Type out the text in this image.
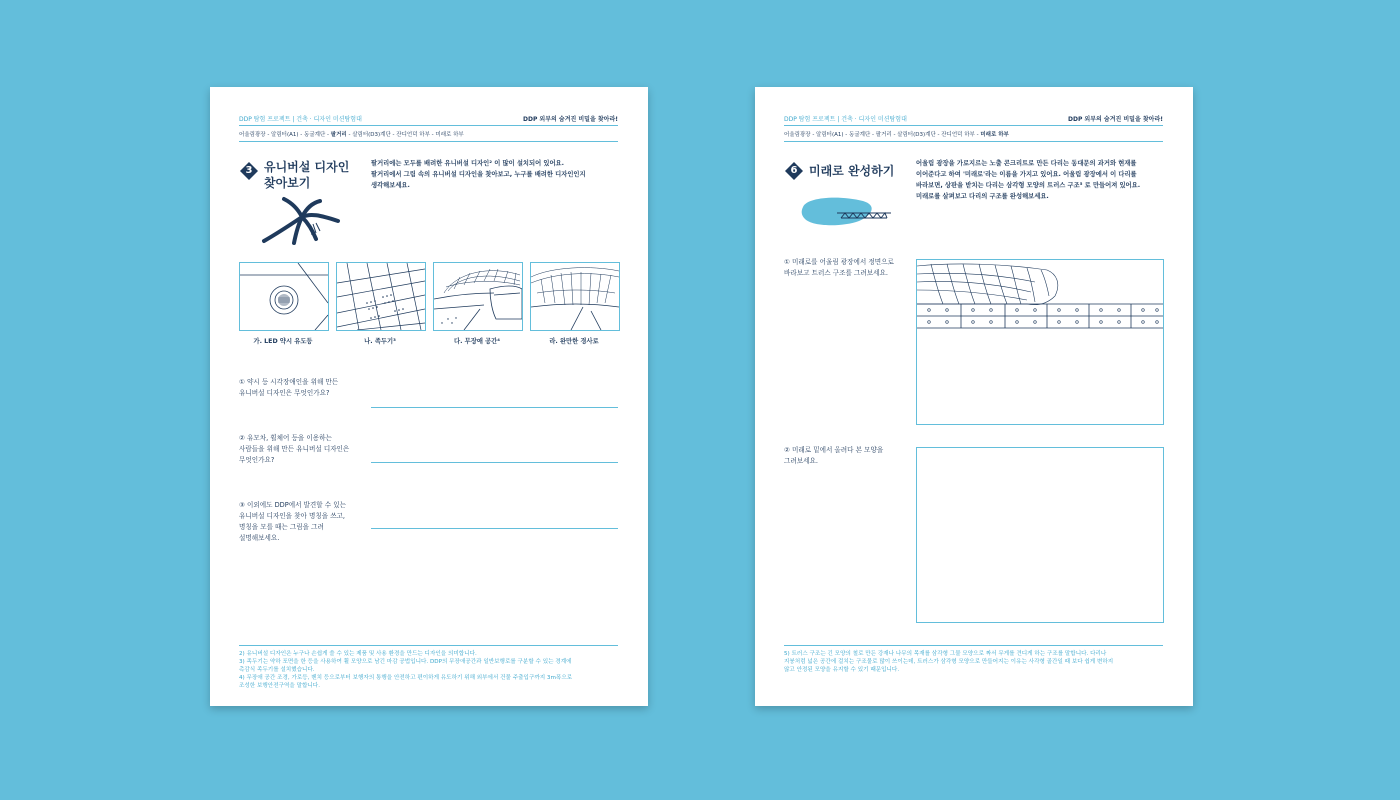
DDP 탐험 프로젝트 | 건축 · 디자인 미션탐험대	DDP 외부의 숨겨진 비밀을 찾아라!
어울림광장 - 알림터(A1) - 동굴계단 - 팔거리 - 살림터(D3)계단 - 잔디언덕 하부 - 미래로 하부
3 유니버설 디자인
찾아보기
팔거리에는 모두를 배려한 유니버설 디자인² 이 많이 설치되어 있어요.
팔거리에서 그림 속의 유니버설 디자인을 찾아보고, 누구를 배려한 디자인인지
생각해보세요.
가. LED 약시 유도등	나. 족두기³	다. 무장애 공간⁴	라. 완만한 경사로
① 약시 등 시각장애인을 위해 만든
유니버설 디자인은 무엇인가요?
② 유모차, 휠체어 등을 이용하는
사람들을 위해 만든 유니버설 디자인은
무엇인가요?
③ 이외에도 DDP에서 발견할 수 있는
유니버설 디자인을 찾아 명칭을 쓰고,
명칭을 모를 때는 그림을 그려
설명해보세요.
2) 유니버설 디자인은 누구나 손쉽게 쓸 수 있는 제품 및 사용 환경을 만드는 디자인을 의미합니다.
3) 족두기는 약하 포면을 한 등을 사용하여 휠 모양으로 남긴 마감 공법입니다. DDP의 무장애공간과 일반보행로를 구분할 수 있는 경계에
촉감식 족두기를 설치했습니다.
4) 무장애 공간 조경, 가로등, 벤치 등으로부터 보행자의 통행을 안전하고 편이하게 유도하기 위해 외부에서 건물 주출입구까지 3m폭으로
조성한 보행안전구역을 말합니다.
DDP 탐험 프로젝트 | 건축 · 디자인 미션탐험대	DDP 외부의 숨겨진 비밀을 찾아라!
어울림광장 - 알림터(A1) - 동굴계단 - 팔거리 - 살림터(D3)계단 - 잔디언덕 하부 - 미래로 하부
6 미래로 완성하기
어울림 광장을 가로지르는 노출 콘크리트로 만든 다리는 동대문의 과거와 현재를
이어준다고 하여 '미래로'라는 이름을 가지고 있어요. 어울림 광장에서 이 다리를
바라보면, 상판을 받치는 다리는 삼각형 모양의 트러스 구조⁵ 로 만들어져 있어요.
미래로를 살펴보고 다리의 구조를 완성해보세요.
① 미래로를 어울림 광장에서 정면으로
바라보고 트러스 구조를 그려보세요.
② 미래로 밑에서 올려다 본 모양을
그려보세요.
5) 트러스 구조는 긴 모양의 철로 만든 강재나 나무의 목재를 삼각형 그물 모양으로 짜서 무게를 견디게 하는 구조를 말합니다. 다리나
지붕처럼 넓은 공간에 걸치는 구조물로 많이 쓰이는데, 트러스가 삼각형 모양으로 만들어지는 이유는 사각형 골간일 때 보다 쉽게 변하지
않고 안정된 모양을 유지할 수 있기 때문입니다.
